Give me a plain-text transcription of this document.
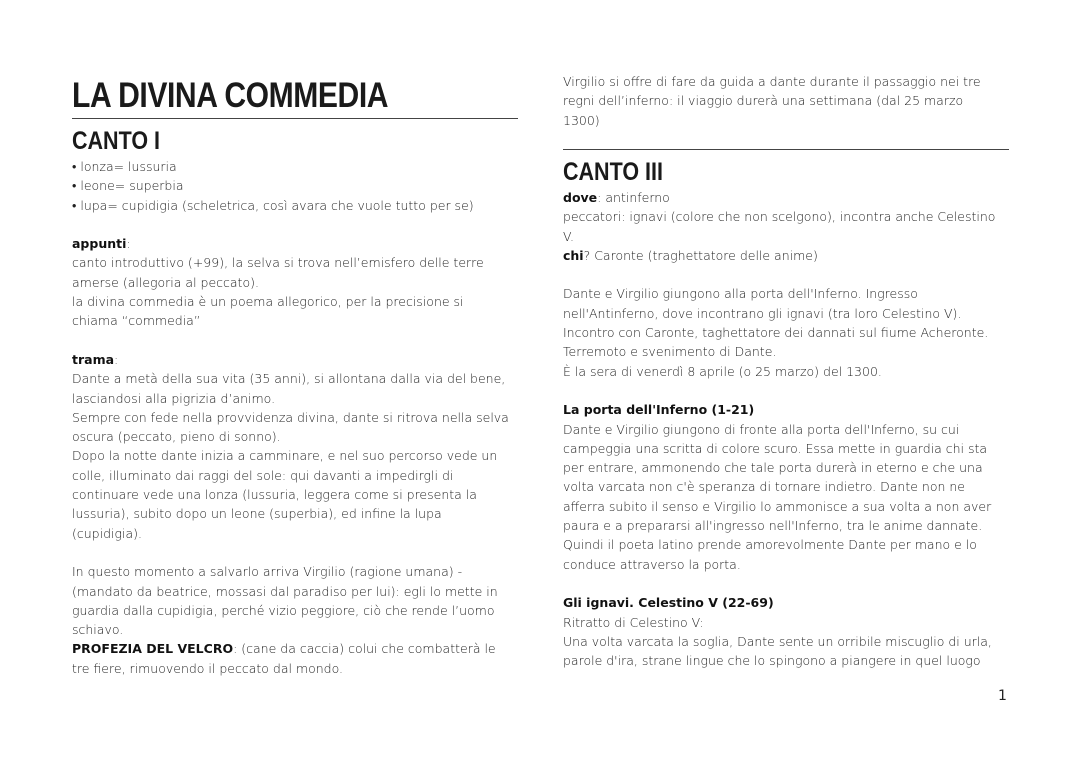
LA DIVINA COMMEDIA
CANTO I

• lonza= lussuria

• leone= superbia

• lupa= cupidigia (scheletrica, così avara che vuole tutto per se)

appunti:

canto introduttivo (+99), la selva si trova nell’emisfero delle terre

amerse (allegoria al peccato).

la divina commedia è un poema allegorico, per la precisione si

chiama “commedia”

trama:

Dante a metà della sua vita (35 anni), si allontana dalla via del bene,

lasciandosi alla pigrizia d’animo.

Sempre con fede nella provvidenza divina, dante si ritrova nella selva

oscura (peccato, pieno di sonno).

Dopo la notte dante inizia a camminare, e nel suo percorso vede un

colle, illuminato dai raggi del sole: qui davanti a impedirgli di

continuare vede una lonza (lussuria, leggera come si presenta la

lussuria), subito dopo un leone (superbia), ed infine la lupa

(cupidigia).

In questo momento a salvarlo arriva Virgilio (ragione umana) -

(mandato da beatrice, mossasi dal paradiso per lui): egli lo mette in

guardia dalla cupidigia, perché vizio peggiore, ciò che rende l’uomo

schiavo.

PROFEZIA DEL VELCRO: (cane da caccia) colui che combatterà le

tre fiere, rimuovendo il peccato dal mondo.

Virgilio si offre di fare da guida a dante durante il passaggio nei tre

regni dell’inferno: il viaggio durerà una settimana (dal 25 marzo

1300)

CANTO III

dove: antinferno

peccatori: ignavi (colore che non scelgono), incontra anche Celestino

V.

chi? Caronte (traghettatore delle anime)

Dante e Virgilio giungono alla porta dell'Inferno. Ingresso

nell'Antinferno, dove incontrano gli ignavi (tra loro Celestino V).

Incontro con Caronte, taghettatore dei dannati sul fiume Acheronte.

Terremoto e svenimento di Dante.

È la sera di venerdì 8 aprile (o 25 marzo) del 1300.

La porta dell'Inferno (1-21)

Dante e Virgilio giungono di fronte alla porta dell'Inferno, su cui

campeggia una scritta di colore scuro. Essa mette in guardia chi sta

per entrare, ammonendo che tale porta durerà in eterno e che una

volta varcata non c'è speranza di tornare indietro. Dante non ne

afferra subito il senso e Virgilio lo ammonisce a sua volta a non aver

paura e a prepararsi all'ingresso nell'Inferno, tra le anime dannate.

Quindi il poeta latino prende amorevolmente Dante per mano e lo

conduce attraverso la porta.

Gli ignavi. Celestino V (22-69)

Ritratto di Celestino V:

Una volta varcata la soglia, Dante sente un orribile miscuglio di urla,

parole d'ira, strane lingue che lo spingono a piangere in quel luogo

1
